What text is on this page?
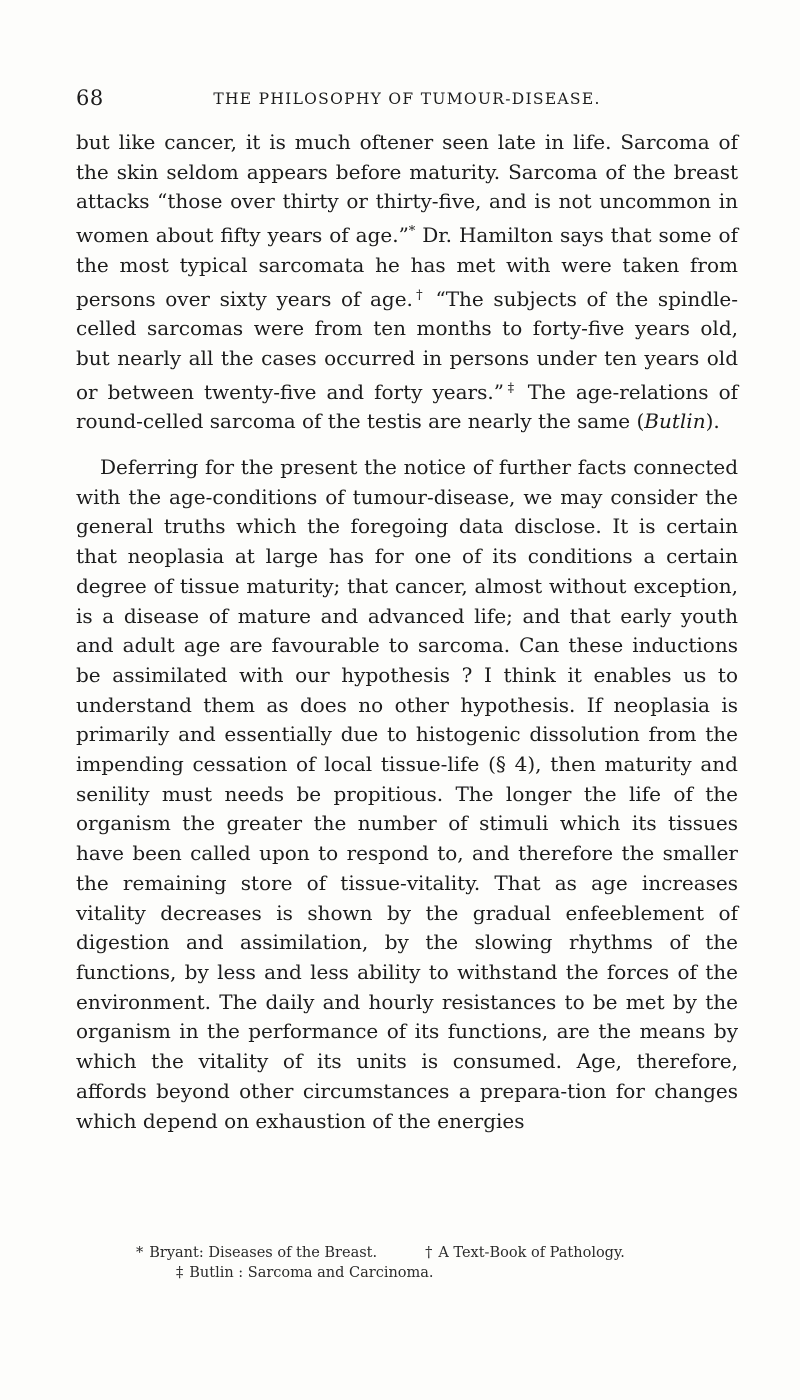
68	THE PHILOSOPHY OF TUMOUR-DISEASE.

but like cancer, it is much oftener seen late in life. Sarcoma of the skin seldom appears before maturity. Sarcoma of the breast attacks “those over thirty or thirty-five, and is not uncommon in women about fifty years of age.”* Dr. Hamilton says that some of the most typical sarcomata he has met with were taken from persons over sixty years of age.† “The subjects of the spindle-celled sarcomas were from ten months to forty-five years old, but nearly all the cases occurred in persons under ten years old or between twenty-five and forty years.”‡ The age-relations of round-celled sarcoma of the testis are nearly the same (Butlin).

Deferring for the present the notice of further facts connected with the age-conditions of tumour-disease, we may consider the general truths which the foregoing data disclose. It is certain that neoplasia at large has for one of its conditions a certain degree of tissue maturity; that cancer, almost without exception, is a disease of mature and advanced life; and that early youth and adult age are favourable to sarcoma. Can these inductions be assimilated with our hypothesis ? I think it enables us to understand them as does no other hypothesis. If neoplasia is primarily and essentially due to histogenic dissolution from the impending cessation of local tissue-life (§ 4), then maturity and senility must needs be propitious. The longer the life of the organism the greater the number of stimuli which its tissues have been called upon to respond to, and therefore the smaller the remaining store of tissue-vitality. That as age increases vitality decreases is shown by the gradual enfeeblement of digestion and assimilation, by the slowing rhythms of the functions, by less and less ability to withstand the forces of the environment. The daily and hourly resistances to be met by the organism in the performance of its functions, are the means by which the vitality of its units is consumed. Age, therefore, affords beyond other circumstances a prepara-tion for changes which depend on exhaustion of the energies

* Bryant: Diseases of the Breast.	† A Text-Book of Pathology.
‡ Butlin : Sarcoma and Carcinoma.
